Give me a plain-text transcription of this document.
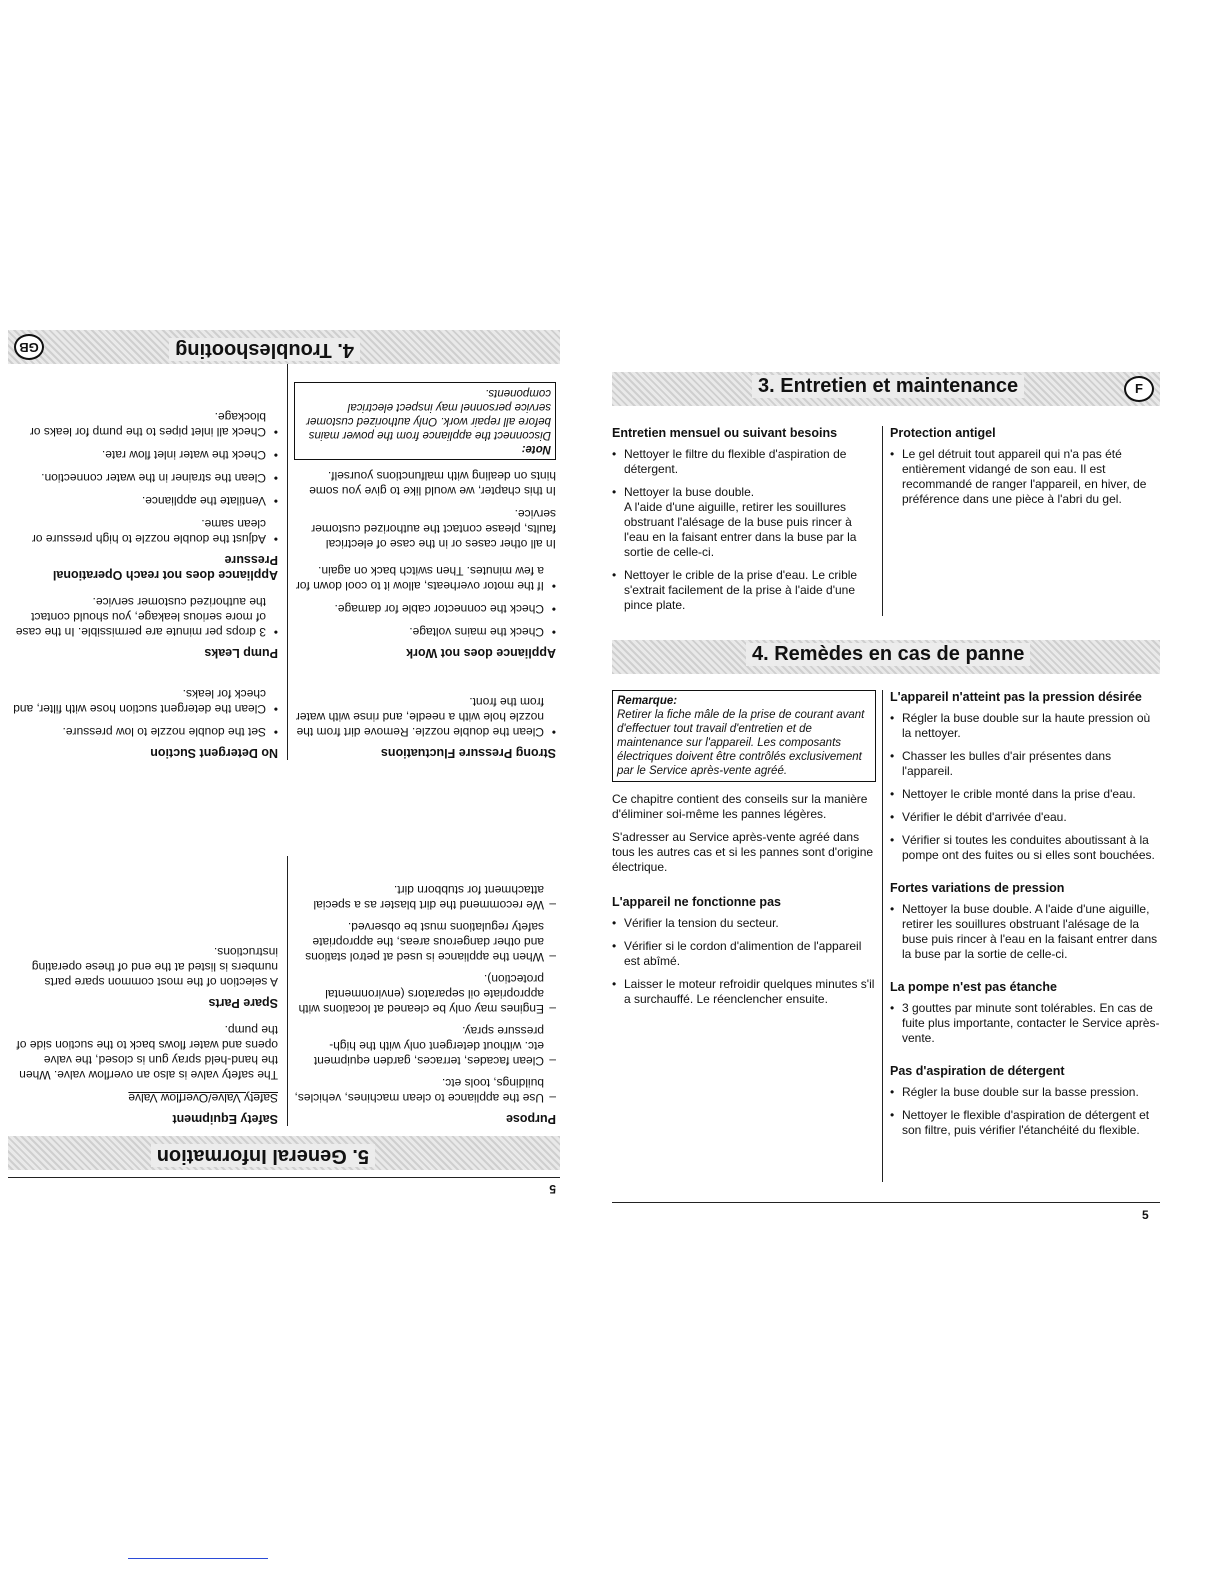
5
5. General Information
Purpose
– Use the appliance to clean machines, vehicles, buildings, tools etc.
– Clean facades, terraces, garden equipment etc. without detergent only with the high-pressure spray.
– Engines may only be cleaned at locations with appropriate oil separators (environmental protection).
– When the appliance is used at petrol stations and other dangerous areas, the appropriate safety regulations must be observed.
– We recommend the dirt blaster as a special attachment for stubborn dirt.
Safety Equipment
Safety Valve/Overflow Valve
The safety valve is also an overflow valve. When the hand-held spray gun is closed, the valve opens and water flows back to the suction side of the pump.
Spare Parts
A selection of the most common spare parts numbers is listed at the end of these operating instructions.
Strong Pressure Fluctuations
• Clean the double nozzle. Remove dirt from the nozzle hole with a needle, and rinse with water from the front.
No Detergent Suction
• Set the double nozzle to low pressure.
• Clean the detergent suction hose with filter, and check for leaks.
Appliance does not Work
• Check the mains voltage.
• Check the connector cable for damage.
• If the motor overheats, allow it to cool down for a few minutes. Then switch back on again.
In all other cases or in the case of electrical faults, please contact the authorized customer service.
In this chapter, we would like to give you some hints on dealing with malfunctions yourself.
Note:
Disconnect the appliance from the power mains before all repair work. Only authorized customer service personnel may inspect electrical components.
Pump Leaks
• 3 drops per minute are permissible. In the case of more serious leakage, you should contact the authorized customer service.
Appliance does not reach Operational Pressure
• Adjust the double nozzle to high pressure or clean same.
• Ventilate the appliance.
• Clean the strainer in the water connection.
• Check the water inlet flow rate.
• Check all inlet pipes to the pump for leaks or blockage.
4. Troubleshooting
GB
3. Entretien et maintenance	F
Entretien mensuel ou suivant besoins
• Nettoyer le filtre du flexible d'aspiration de détergent.
• Nettoyer la buse double.
A l'aide d'une aiguille, retirer les souillures obstruant l'alésage de la buse puis rincer à l'eau en la faisant entrer dans la buse par la sortie de celle-ci.
• Nettoyer le crible de la prise d'eau. Le crible s'extrait facilement de la prise à l'aide d'une pince plate.
Protection antigel
• Le gel détruit tout appareil qui n'a pas été entièrement vidangé de son eau. Il est recommandé de ranger l'appareil, en hiver, de préférence dans une pièce à l'abri du gel.
4. Remèdes en cas de panne
Remarque:
Retirer la fiche mâle de la prise de courant avant d'effectuer tout travail d'entretien et de maintenance sur l'appareil. Les composants électriques doivent être contrôlés exclusivement par le Service après-vente agréé.
Ce chapitre contient des conseils sur la manière d'éliminer soi-même les pannes légères.
S'adresser au Service après-vente agréé dans tous les autres cas et si les pannes sont d'origine électrique.
L'appareil ne fonctionne pas
• Vérifier la tension du secteur.
• Vérifier si le cordon d'alimention de l'appareil est abîmé.
• Laisser le moteur refroidir quelques minutes s'il a surchauffé. Le réenclencher ensuite.
L'appareil n'atteint pas la pression désirée
• Régler la buse double sur la haute pression où la nettoyer.
• Chasser les bulles d'air présentes dans l'appareil.
• Nettoyer le crible monté dans la prise d'eau.
• Vérifier le débit d'arrivée d'eau.
• Vérifier si toutes les conduites aboutissant à la pompe ont des fuites ou si elles sont bouchées.
Fortes variations de pression
• Nettoyer la buse double. A l'aide d'une aiguille, retirer les souillures obstruant l'alésage de la buse puis rincer à l'eau en la faisant entrer dans la buse par la sortie de celle-ci.
La pompe n'est pas étanche
• 3 gouttes par minute sont tolérables. En cas de fuite plus importante, contacter le Service après-vente.
Pas d'aspiration de détergent
• Régler la buse double sur la basse pression.
• Nettoyer le flexible d'aspiration de détergent et son filtre, puis vérifier l'étanchéité du flexible.
5
